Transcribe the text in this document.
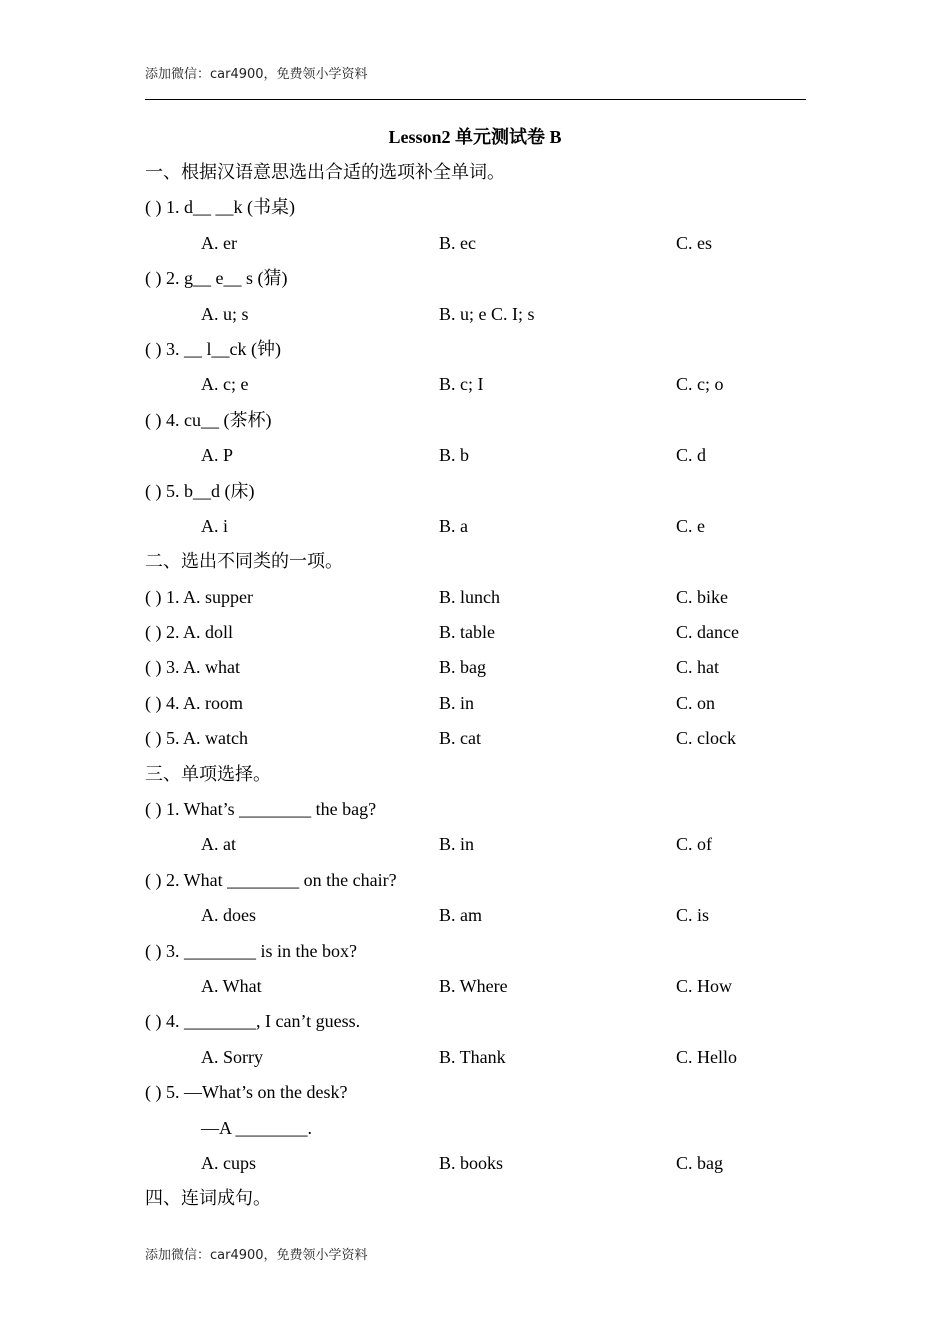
添加微信：car4900，免费领小学资料
Lesson2 单元测试卷 B
一、根据汉语意思选出合适的选项补全单词。
( ) 1. d__ __k (书桌)
A. er	B. ec	C. es
( ) 2. g__ e__ s (猜)
A. u; s	B. u; e C. I; s
( ) 3. __ l__ck (钟)
A. c; e	B. c; I	C. c; o
( ) 4. cu__ (茶杯)
A. P	B. b	C. d
( ) 5. b__d (床)
A. i	B. a	C. e
二、选出不同类的一项。
( ) 1. A. supper	B. lunch	C. bike
( ) 2. A. doll	B. table	C. dance
( ) 3. A. what	B. bag	C. hat
( ) 4. A. room	B. in	C. on
( ) 5. A. watch	B. cat	C. clock
三、单项选择。
( ) 1. What’s ________ the bag?
A. at	B. in	C. of
( ) 2. What ________ on the chair?
A. does	B. am	C. is
( ) 3. ________ is in the box?
A. What	B. Where	C. How
( ) 4. ________, I can’t guess.
A. Sorry	B. Thank	C. Hello
( ) 5. —What’s on the desk?
—A ________.
A. cups	B. books	C. bag
四、连词成句。
添加微信：car4900，免费领小学资料
